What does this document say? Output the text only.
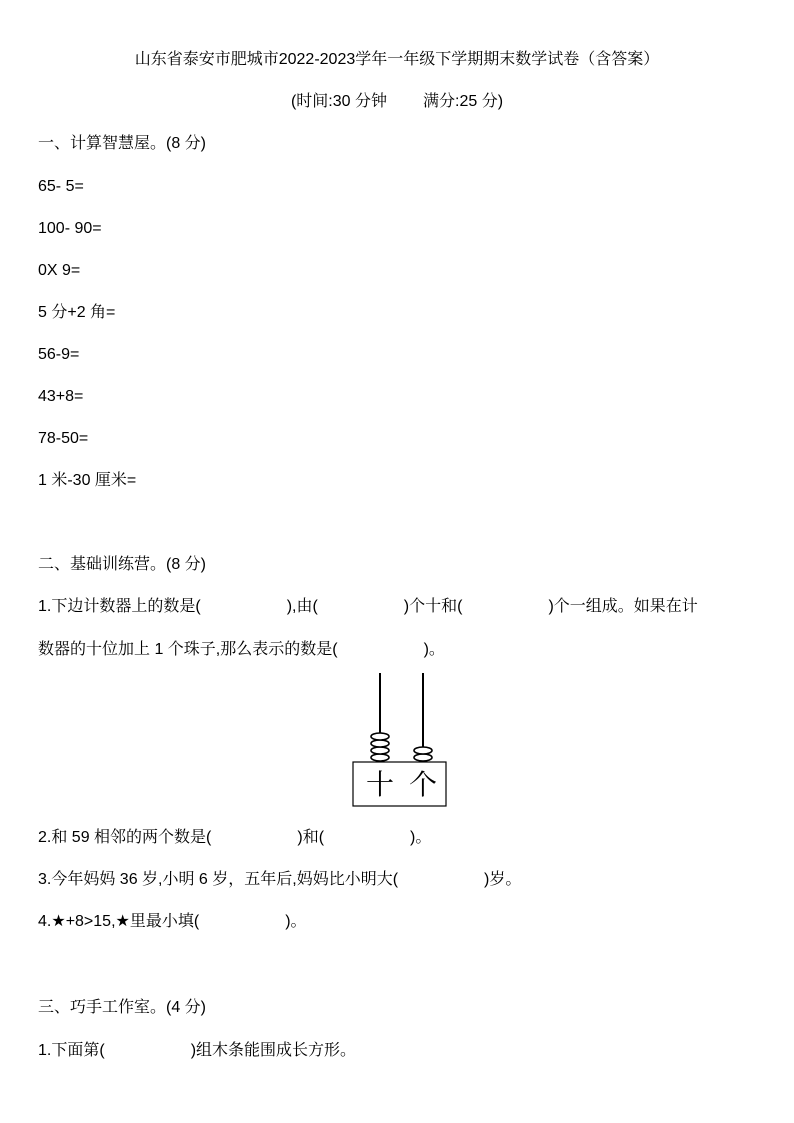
山东省泰安市肥城市2022-2023学年一年级下学期期末数学试卷（含答案）
(时间:30 分钟 满分:25 分)
一、计算智慧屋。(8 分)
65- 5=
100- 90=
0X 9=
5 分+2 角=
56-9=
43+8=
78-50=
1 米-30 厘米=
二、基础训练营。(8 分)
1.下边计数器上的数是(	),由(	)个十和(	)个一组成。如果在计
数器的十位加上 1 个珠子,那么表示的数是(	)。
十 个
2.和 59 相邻的两个数是(	)和(	)。
3.今年妈妈 36 岁,小明 6 岁，五年后,妈妈比小明大(	)岁。
4.★+8>15,★里最小填(	)。
三、巧手工作室。(4 分)
1.下面第(	)组木条能围成长方形。
